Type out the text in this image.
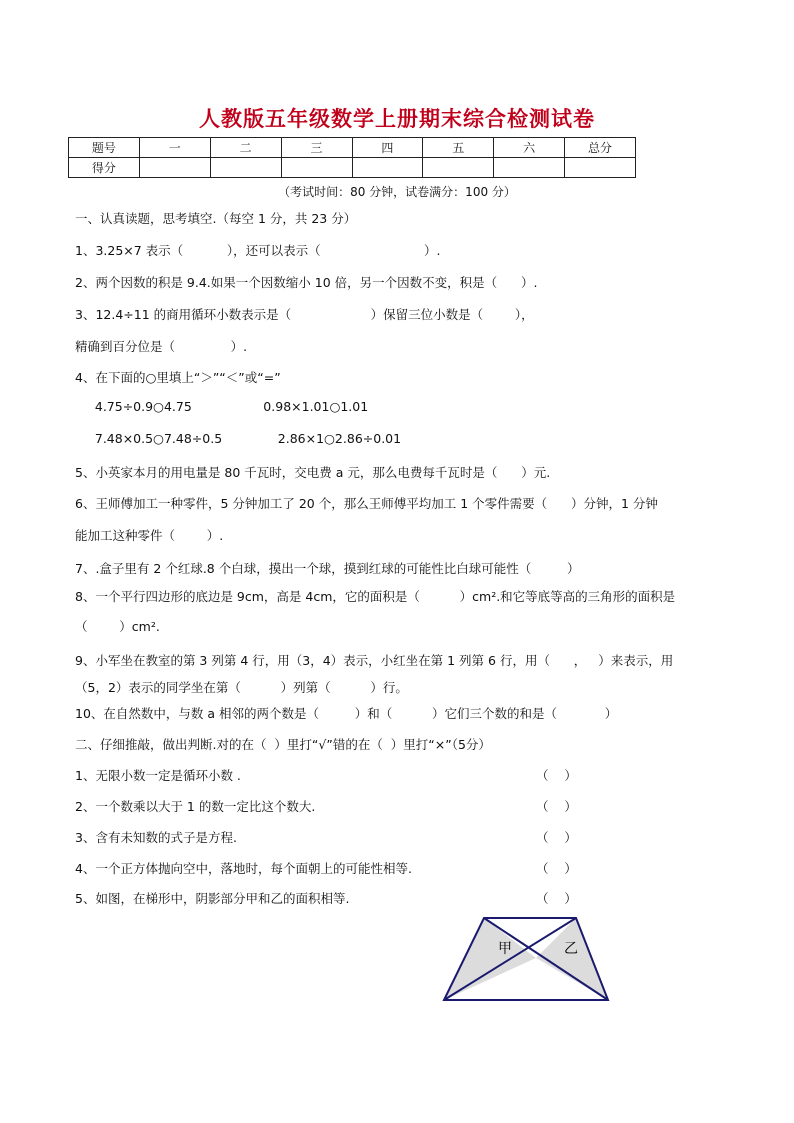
人教版五年级数学上册期末综合检测试卷
题号	一	二	三	四	五	六	总分
得分							
（考试时间：80 分钟，试卷满分：100 分）
一、认真读题，思考填空.（每空 1 分，共 23 分）
1、3.25×7 表示（           ），还可以表示（                          ）.
2、两个因数的积是 9.4.如果一个因数缩小 10 倍，另一个因数不变，积是（      ）.
3、12.4÷11 的商用循环小数表示是（                    ）保留三位小数是（        ），
精确到百分位是（              ）.
4、在下面的○里填上“＞”“＜”或“=”
4.75÷0.9○4.75                  0.98×1.01○1.01
7.48×0.5○7.48÷0.5              2.86×1○2.86÷0.01
5、小英家本月的用电量是 80 千瓦时，交电费 a 元，那么电费每千瓦时是（      ）元.
6、王师傅加工一种零件，5 分钟加工了 20 个，那么王师傅平均加工 1 个零件需要（      ）分钟，1 分钟
能加工这种零件（        ）.
7、.盒子里有 2 个红球.8 个白球，摸出一个球，摸到红球的可能性比白球可能性（         ）
8、一个平行四边形的底边是 9cm，高是 4cm，它的面积是（          ）cm².和它等底等高的三角形的面积是
（        ）cm².
9、小军坐在教室的第 3 列第 4 行，用（3，4）表示，小红坐在第 1 列第 6 行，用（      ，   ）来表示，用
（5，2）表示的同学坐在第（          ）列第（          ）行。
10、在自然数中，与数 a 相邻的两个数是（         ）和（          ）它们三个数的和是（            ）
二、仔细推敲，做出判断.对的在（  ）里打“√”错的在（  ）里打“×”（5分）
1、无限小数一定是循环小数 .	（    ）
2、一个数乘以大于 1 的数一定比这个数大.	（    ）
3、含有未知数的式子是方程.	（    ）
4、一个正方体抛向空中，落地时，每个面朝上的可能性相等.	（    ）
5、如图，在梯形中，阴影部分甲和乙的面积相等.	（    ）
甲	乙
